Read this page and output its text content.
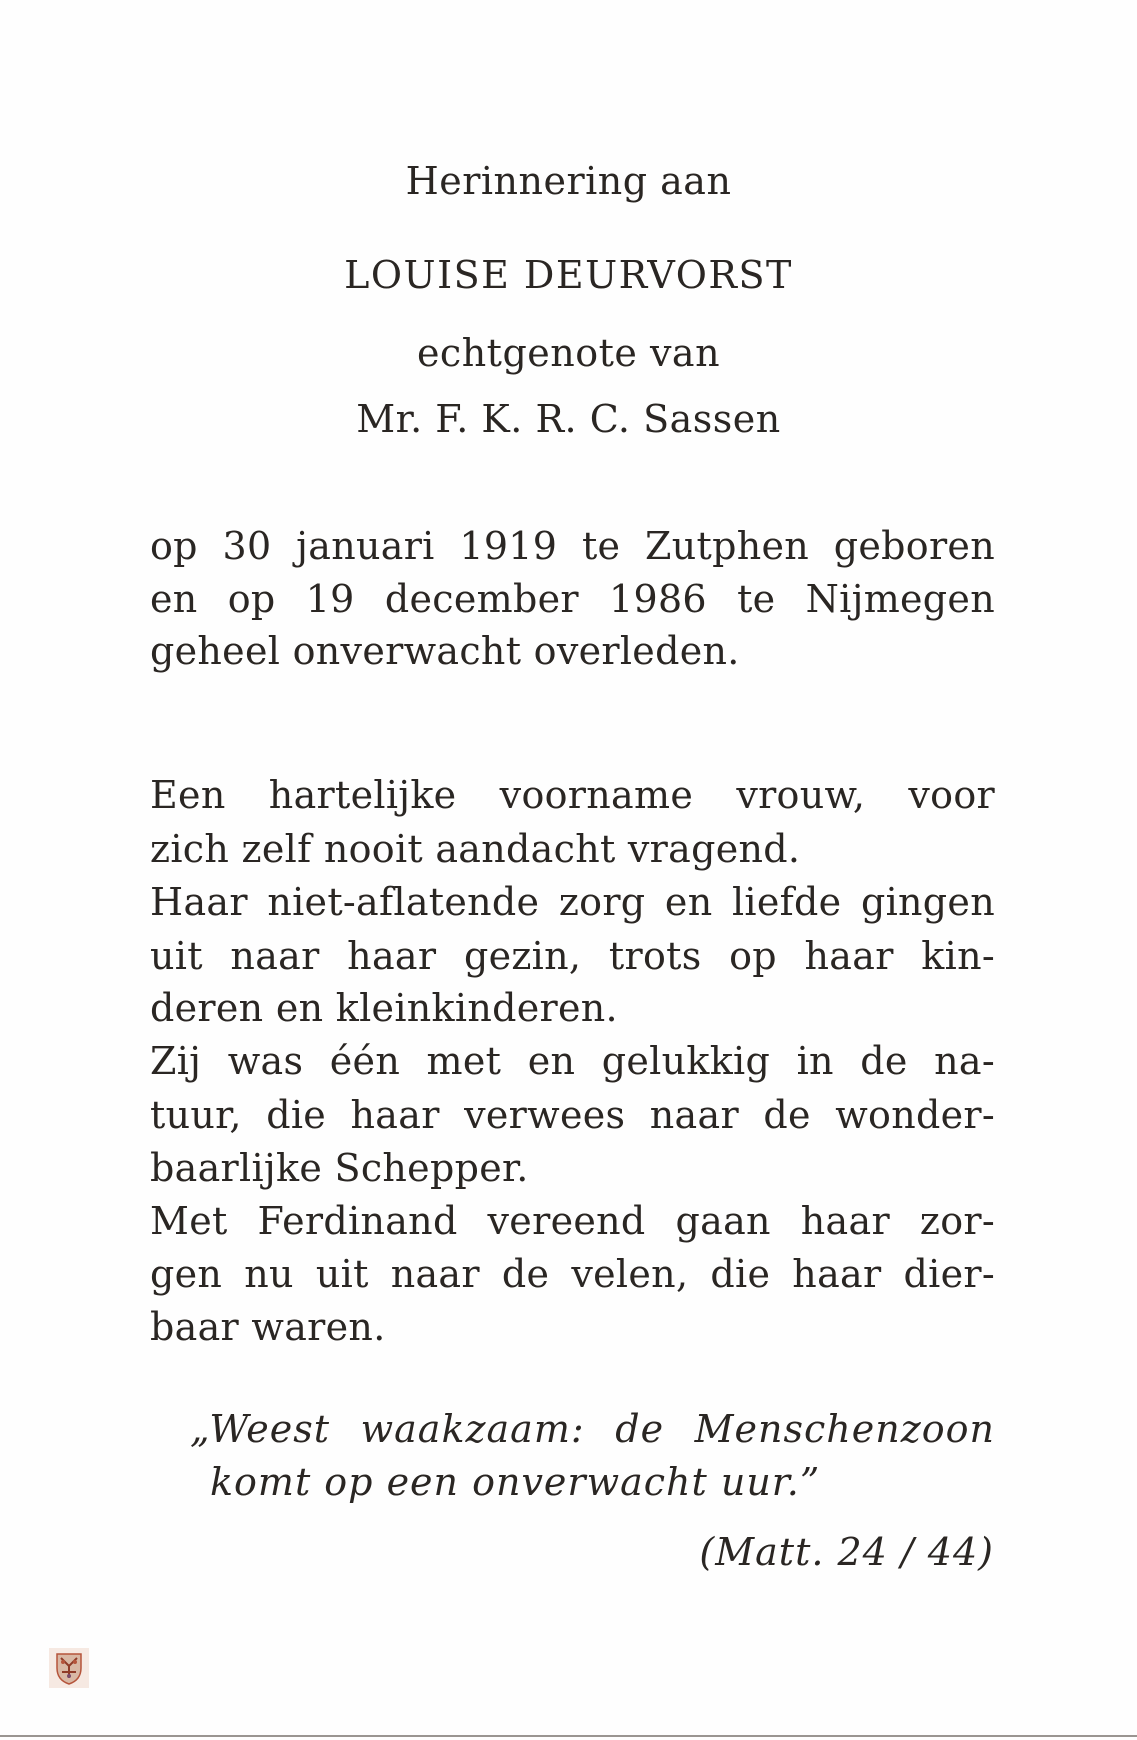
Herinnering aan
LOUISE DEURVORST
echtgenote van
Mr. F. K. R. C. Sassen
op 30 januari 1919 te Zutphen geboren
en op 19 december 1986 te Nijmegen
geheel onverwacht overleden.
Een hartelijke voorname vrouw, voor
zich zelf nooit aandacht vragend.
Haar niet-aflatende zorg en liefde gingen
uit naar haar gezin, trots op haar kin-
deren en kleinkinderen.
Zij was één met en gelukkig in de na-
tuur, die haar verwees naar de wonder-
baarlijke Schepper.
Met Ferdinand vereend gaan haar zor-
gen nu uit naar de velen, die haar dier-
baar waren.
„Weest waakzaam: de Menschenzoon
komt op een onverwacht uur.”
(Matt. 24 / 44)
